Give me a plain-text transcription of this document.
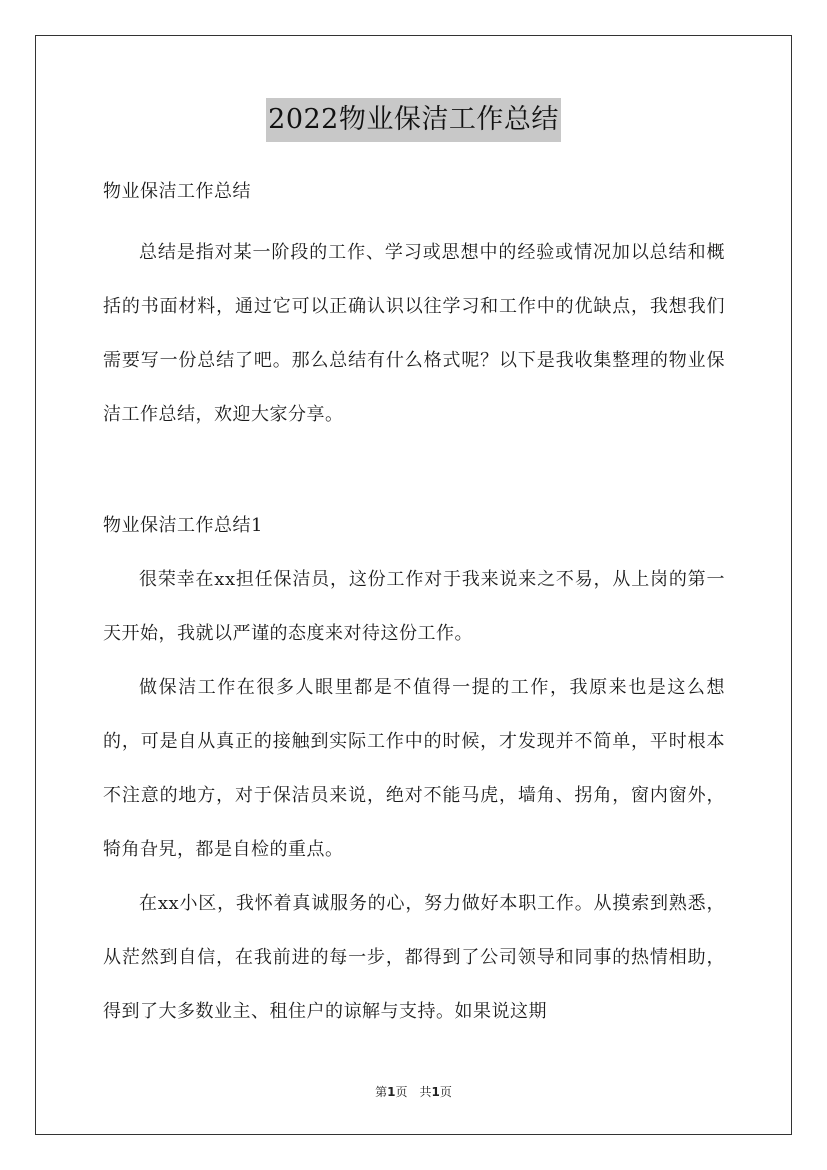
2022物业保洁工作总结

物业保洁工作总结

总结是指对某一阶段的工作、学习或思想中的经验或情况加以总结和概括的书面材料，通过它可以正确认识以往学习和工作中的优缺点，我想我们需要写一份总结了吧。那么总结有什么格式呢？以下是我收集整理的物业保洁工作总结，欢迎大家分享。

物业保洁工作总结1

很荣幸在xx担任保洁员，这份工作对于我来说来之不易，从上岗的第一天开始，我就以严谨的态度来对待这份工作。

做保洁工作在很多人眼里都是不值得一提的工作，我原来也是这么想的，可是自从真正的接触到实际工作中的时候，才发现并不简单，平时根本不注意的地方，对于保洁员来说，绝对不能马虎，墙角、拐角，窗内窗外，犄角旮旯，都是自检的重点。

在xx小区，我怀着真诚服务的心，努力做好本职工作。从摸索到熟悉，从茫然到自信，在我前进的每一步，都得到了公司领导和同事的热情相助，得到了大多数业主、租住户的谅解与支持。如果说这期

第1页　共1页
